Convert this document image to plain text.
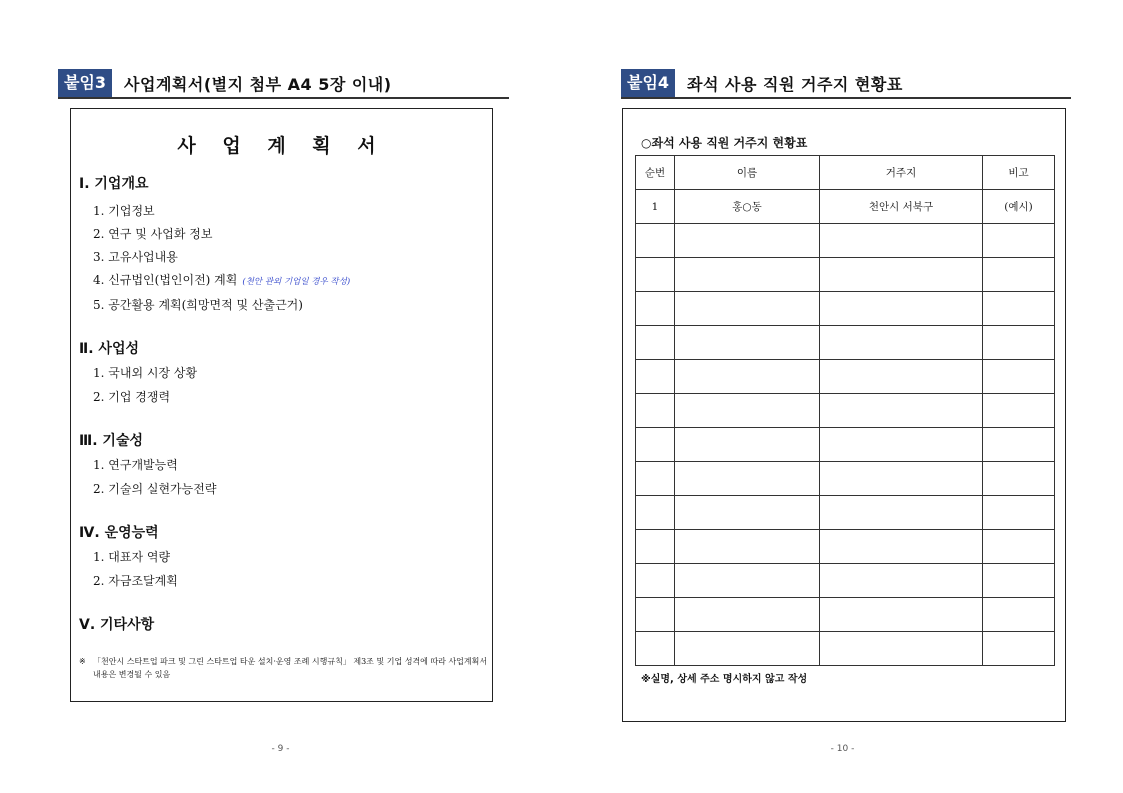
붙임3	사업계획서(별지 첨부 A4 5장 이내)
사 업 계 획 서
Ⅰ. 기업개요
1. 기업정보
2. 연구 및 사업화 정보
3. 고유사업내용
4. 신규법인(법인이전) 계획 (천안 관외 기업일 경우 작성)
5. 공간활용 계획(희망면적 및 산출근거)
Ⅱ. 사업성
1. 국내외 시장 상황
2. 기업 경쟁력
Ⅲ. 기술성
1. 연구개발능력
2. 기술의 실현가능전략
Ⅳ. 운영능력
1. 대표자 역량
2. 자금조달계획
Ⅴ. 기타사항
※ 「천안시 스타트업 파크 및 그린 스타트업 타운 설치·운영 조례 시행규칙」 제3조 및 기업 성격에 따라 사업계획서 내용은 변경될 수 있음
- 9 -
붙임4	좌석 사용 직원 거주지 현황표
○좌석 사용 직원 거주지 현황표
순번	이름	거주지	비고
1	홍○동	천안시 서북구	(예시)

※실명, 상세 주소 명시하지 않고 작성
- 10 -
